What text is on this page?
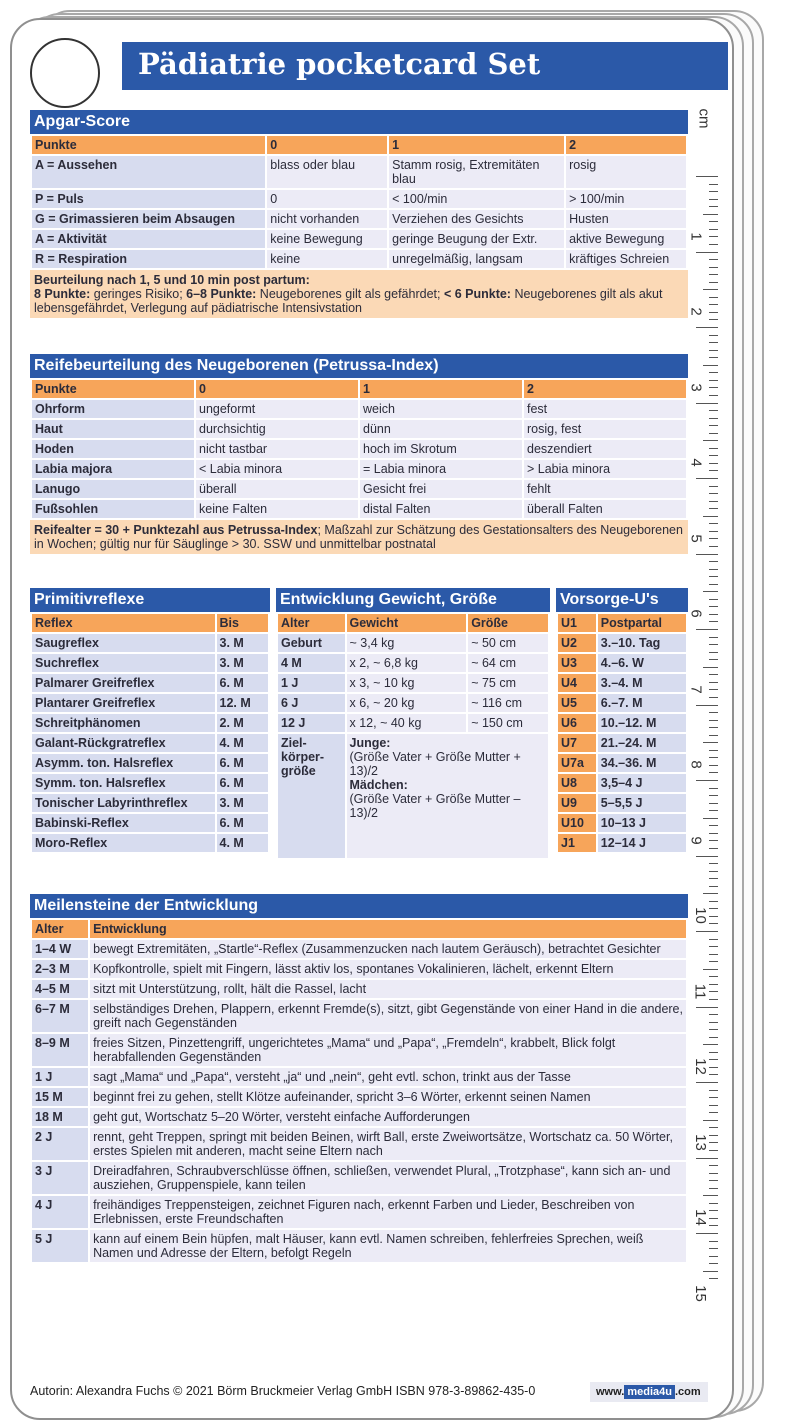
Pädiatrie pocketcard Set
Apgar-Score
Punkte	0	1	2
A = Aussehen	blass oder blau	Stamm rosig, Extremitäten blau	rosig
P = Puls	0	< 100/min	> 100/min
G = Grimassieren beim Absaugen	nicht vorhanden	Verziehen des Gesichts	Husten
A = Aktivität	keine Bewegung	geringe Beugung der Extr.	aktive Bewegung
R = Respiration	keine	unregelmäßig, langsam	kräftiges Schreien
Beurteilung nach 1, 5 und 10 min post partum:
8 Punkte: geringes Risiko; 6–8 Punkte: Neugeborenes gilt als gefährdet; < 6 Punkte: Neugeborenes gilt als akut lebensgefährdet, Verlegung auf pädiatrische Intensivstation
Reifebeurteilung des Neugeborenen (Petrussa-Index)
Punkte	0	1	2
Ohrform	ungeformt	weich	fest
Haut	durchsichtig	dünn	rosig, fest
Hoden	nicht tastbar	hoch im Skrotum	deszendiert
Labia majora	< Labia minora	= Labia minora	> Labia minora
Lanugo	überall	Gesicht frei	fehlt
Fußsohlen	keine Falten	distal Falten	überall Falten
Reifealter = 30 + Punktezahl aus Petrussa-Index; Maßzahl zur Schätzung des Gestationsalters des Neugeborenen in Wochen; gültig nur für Säuglinge > 30. SSW und unmittelbar postnatal
Primitivreflexe
Reflex	Bis
Saugreflex	3. M
Suchreflex	3. M
Palmarer Greifreflex	6. M
Plantarer Greifreflex	12. M
Schreitphänomen	2. M
Galant-Rückgratreflex	4. M
Asymm. ton. Halsreflex	6. M
Symm. ton. Halsreflex	6. M
Tonischer Labyrinthreflex	3. M
Babinski-Reflex	6. M
Moro-Reflex	4. M
Entwicklung Gewicht, Größe
Alter	Gewicht	Größe
Geburt	~ 3,4 kg	~ 50 cm
4 M	x 2, ~ 6,8 kg	~ 64 cm
1 J	x 3, ~ 10 kg	~ 75 cm
6 J	x 6, ~ 20 kg	~ 116 cm
12 J	x 12, ~ 40 kg	~ 150 cm
Ziel-körper-größe	Junge:
(Größe Vater + Größe Mutter + 13)/2
Mädchen:
(Größe Vater + Größe Mutter – 13)/2	
Vorsorge-U's
U1	Postpartal
U2	3.–10. Tag
U3	4.–6. W
U4	3.–4. M
U5	6.–7. M
U6	10.–12. M
U7	21.–24. M
U7a	34.–36. M
U8	3,5–4 J
U9	5–5,5 J
U10	10–13 J
J1	12–14 J
Meilensteine der Entwicklung
Alter	Entwicklung
1–4 W	bewegt Extremitäten, „Startle“-Reflex (Zusammenzucken nach lautem Geräusch), betrachtet Gesichter
2–3 M	Kopfkontrolle, spielt mit Fingern, lässt aktiv los, spontanes Vokalinieren, lächelt, erkennt Eltern
4–5 M	sitzt mit Unterstützung, rollt, hält die Rassel, lacht
6–7 M	selbständiges Drehen, Plappern, erkennt Fremde(s), sitzt, gibt Gegenstände von einer Hand in die andere, greift nach Gegenständen
8–9 M	freies Sitzen, Pinzettengriff, ungerichtetes „Mama“ und „Papa“, „Fremdeln“, krabbelt, Blick folgt herabfallenden Gegenständen
1 J	sagt „Mama“ und „Papa“, versteht „ja“ und „nein“, geht evtl. schon, trinkt aus der Tasse
15 M	beginnt frei zu gehen, stellt Klötze aufeinander, spricht 3–6 Wörter, erkennt seinen Namen
18 M	geht gut, Wortschatz 5–20 Wörter, versteht einfache Aufforderungen
2 J	rennt, geht Treppen, springt mit beiden Beinen, wirft Ball, erste Zweiwortsätze, Wortschatz ca. 50 Wörter, erstes Spielen mit anderen, macht seine Eltern nach
3 J	Dreiradfahren, Schraubverschlüsse öffnen, schließen, verwendet Plural, „Trotzphase“, kann sich an- und ausziehen, Gruppenspiele, kann teilen
4 J	freihändiges Treppensteigen, zeichnet Figuren nach, erkennt Farben und Lieder, Beschreiben von Erlebnissen, erste Freundschaften
5 J	kann auf einem Bein hüpfen, malt Häuser, kann evtl. Namen schreiben, fehlerfreies Sprechen, weiß Namen und Adresse der Eltern, befolgt Regeln
cm
1
2
3
4
5
6
7
8
9
10
11
12
13
14
15
Autorin: Alexandra Fuchs © 2021 Börm Bruckmeier Verlag GmbH ISBN 978-3-89862-435-0	www. media4u .com
